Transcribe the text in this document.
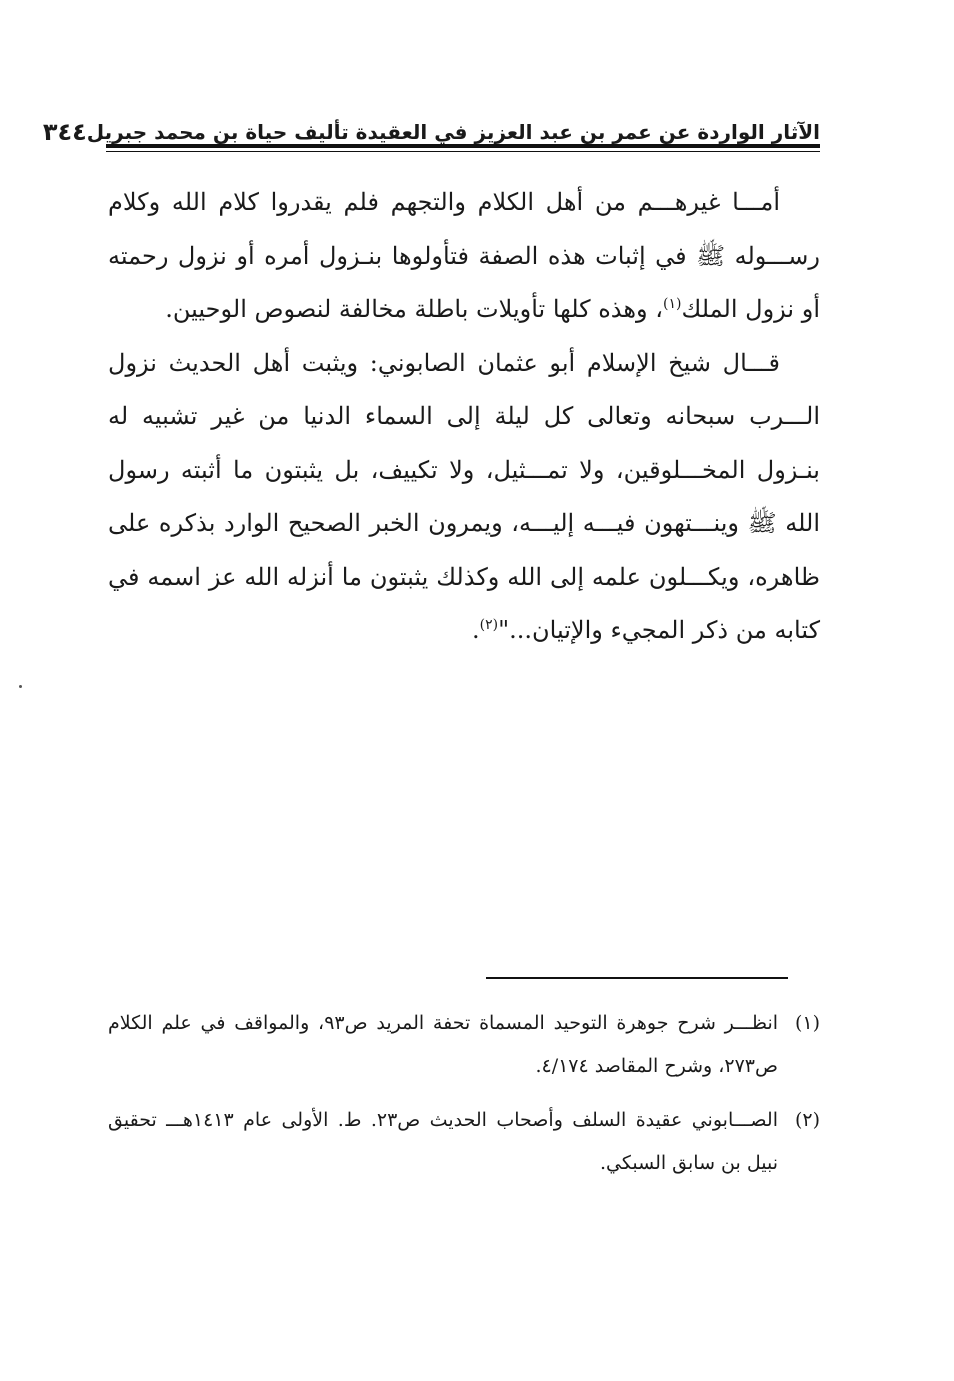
الآثار الواردة عن عمر بن عبد العزيز في العقيدة تأليف حياة بن محمد جبريل
٣٤٤

أمـــا غيرهـــم من أهل الكلام والتجهم فلم يقدروا كلام الله وكلام رســـوله ﷺ في إثبات هذه الصفة فتأولوها بنـزول أمره أو نزول رحمته أو نزول الملك$^{(١)}$، وهذه كلها تأويلات باطلة مخالفة لنصوص الوحيين.

قـــال شيخ الإسلام أبو عثمان الصابوني: ويثبت أهل الحديث نزول الـــرب سبحانه وتعالى كل ليلة إلى السماء الدنيا من غير تشبيه له بنـزول المخـــلوقين، ولا تمـــثيل، ولا تكييف، بل يثبتون ما أثبته رسول الله ﷺ وينـــتهون فيـــه إليـــه، ويمرون الخبر الصحيح الوارد بذكره على ظاهره، ويكـــلون علمه إلى الله وكذلك يثبتون ما أنزله الله عز اسمه في كتابه من ذكر المجيء والإتيان..."$^{(٢)}$.

(١)
انظـــر شرح جوهرة التوحيد المسماة تحفة المريد ص٩٣، والمواقف في علم الكلام ص٢٧٣، وشرح المقاصد ٤/١٧٤.
(٢)
الصـــابوني عقيدة السلف وأصحاب الحديث ص٢٣. ط. الأولى عام ١٤١٣هـــ تحقيق نبيل بن سابق السبكي.
